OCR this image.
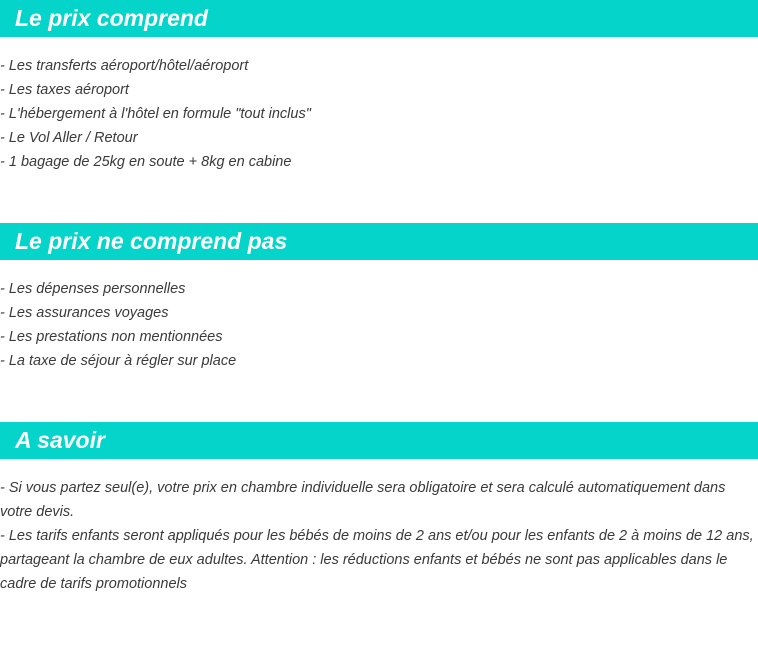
Le prix comprend
- Les transferts aéroport/hôtel/aéroport
- Les taxes aéroport
- L'hébergement à l'hôtel en formule "tout inclus"
- Le Vol Aller / Retour
- 1 bagage de 25kg en soute + 8kg en cabine
Le prix ne comprend pas
- Les dépenses personnelles
- Les assurances voyages
- Les prestations non mentionnées
- La taxe de séjour à régler sur place
A savoir
- Si vous partez seul(e), votre prix en chambre individuelle sera obligatoire et sera calculé automatiquement dans votre devis.
- Les tarifs enfants seront appliqués pour les bébés de moins de 2 ans et/ou pour les enfants de 2 à moins de 12 ans, partageant la chambre de eux adultes. Attention : les réductions enfants et bébés ne sont pas applicables dans le cadre de tarifs promotionnels
